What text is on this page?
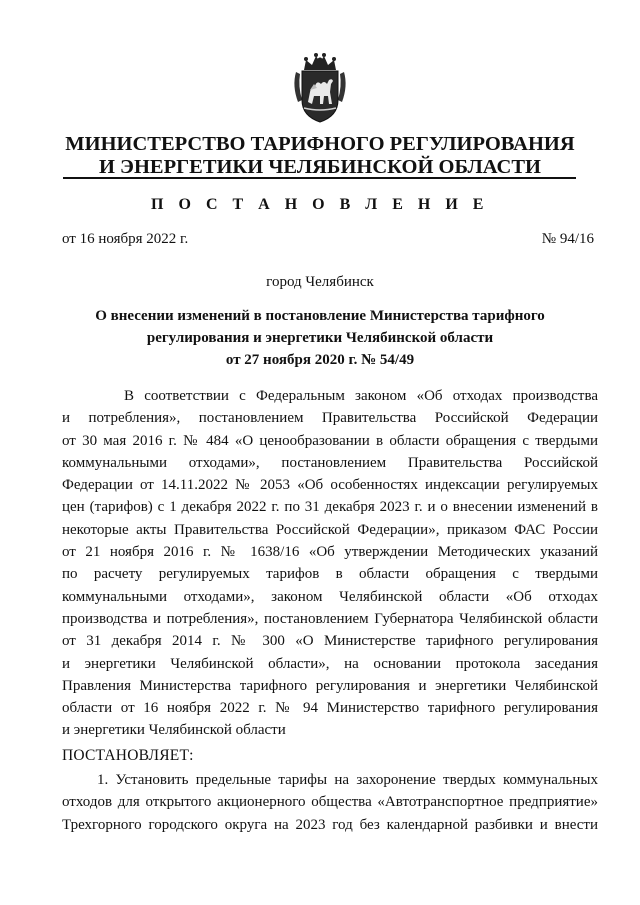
МИНИСТЕРСТВО ТАРИФНОГО РЕГУЛИРОВАНИЯ
И ЭНЕРГЕТИКИ ЧЕЛЯБИНСКОЙ ОБЛАСТИ
П О С Т А Н О В Л Е Н И Е
от 16 ноября 2022 г.	№ 94/16
город Челябинск
О внесении изменений в постановление Министерства тарифного
регулирования и энергетики Челябинской области
от 27 ноября 2020 г. № 54/49
В соответствии с Федеральным законом «Об отходах производства
и потребления», постановлением Правительства Российской Федерации
от 30 мая 2016 г. № 484 «О ценообразовании в области обращения с твердыми
коммунальными отходами», постановлением Правительства Российской
Федерации от 14.11.2022 № 2053 «Об особенностях индексации регулируемых
цен (тарифов) с 1 декабря 2022 г. по 31 декабря 2023 г. и о внесении изменений в
некоторые акты Правительства Российской Федерации», приказом ФАС России
от 21 ноября 2016 г. № 1638/16 «Об утверждении Методических указаний
по расчету регулируемых тарифов в области обращения с твердыми
коммунальными отходами», законом Челябинской области «Об отходах
производства и потребления», постановлением Губернатора Челябинской области
от 31 декабря 2014 г. № 300 «О Министерстве тарифного регулирования
и энергетики Челябинской области», на основании протокола заседания
Правления Министерства тарифного регулирования и энергетики Челябинской
области от 16 ноября 2022 г. № 94 Министерство тарифного регулирования
и энергетики Челябинской области
ПОСТАНОВЛЯЕТ:
1. Установить предельные тарифы на захоронение твердых коммунальных
отходов для открытого акционерного общества «Автотранспортное предприятие»
Трехгорного городского округа на 2023 год без календарной разбивки и внести
